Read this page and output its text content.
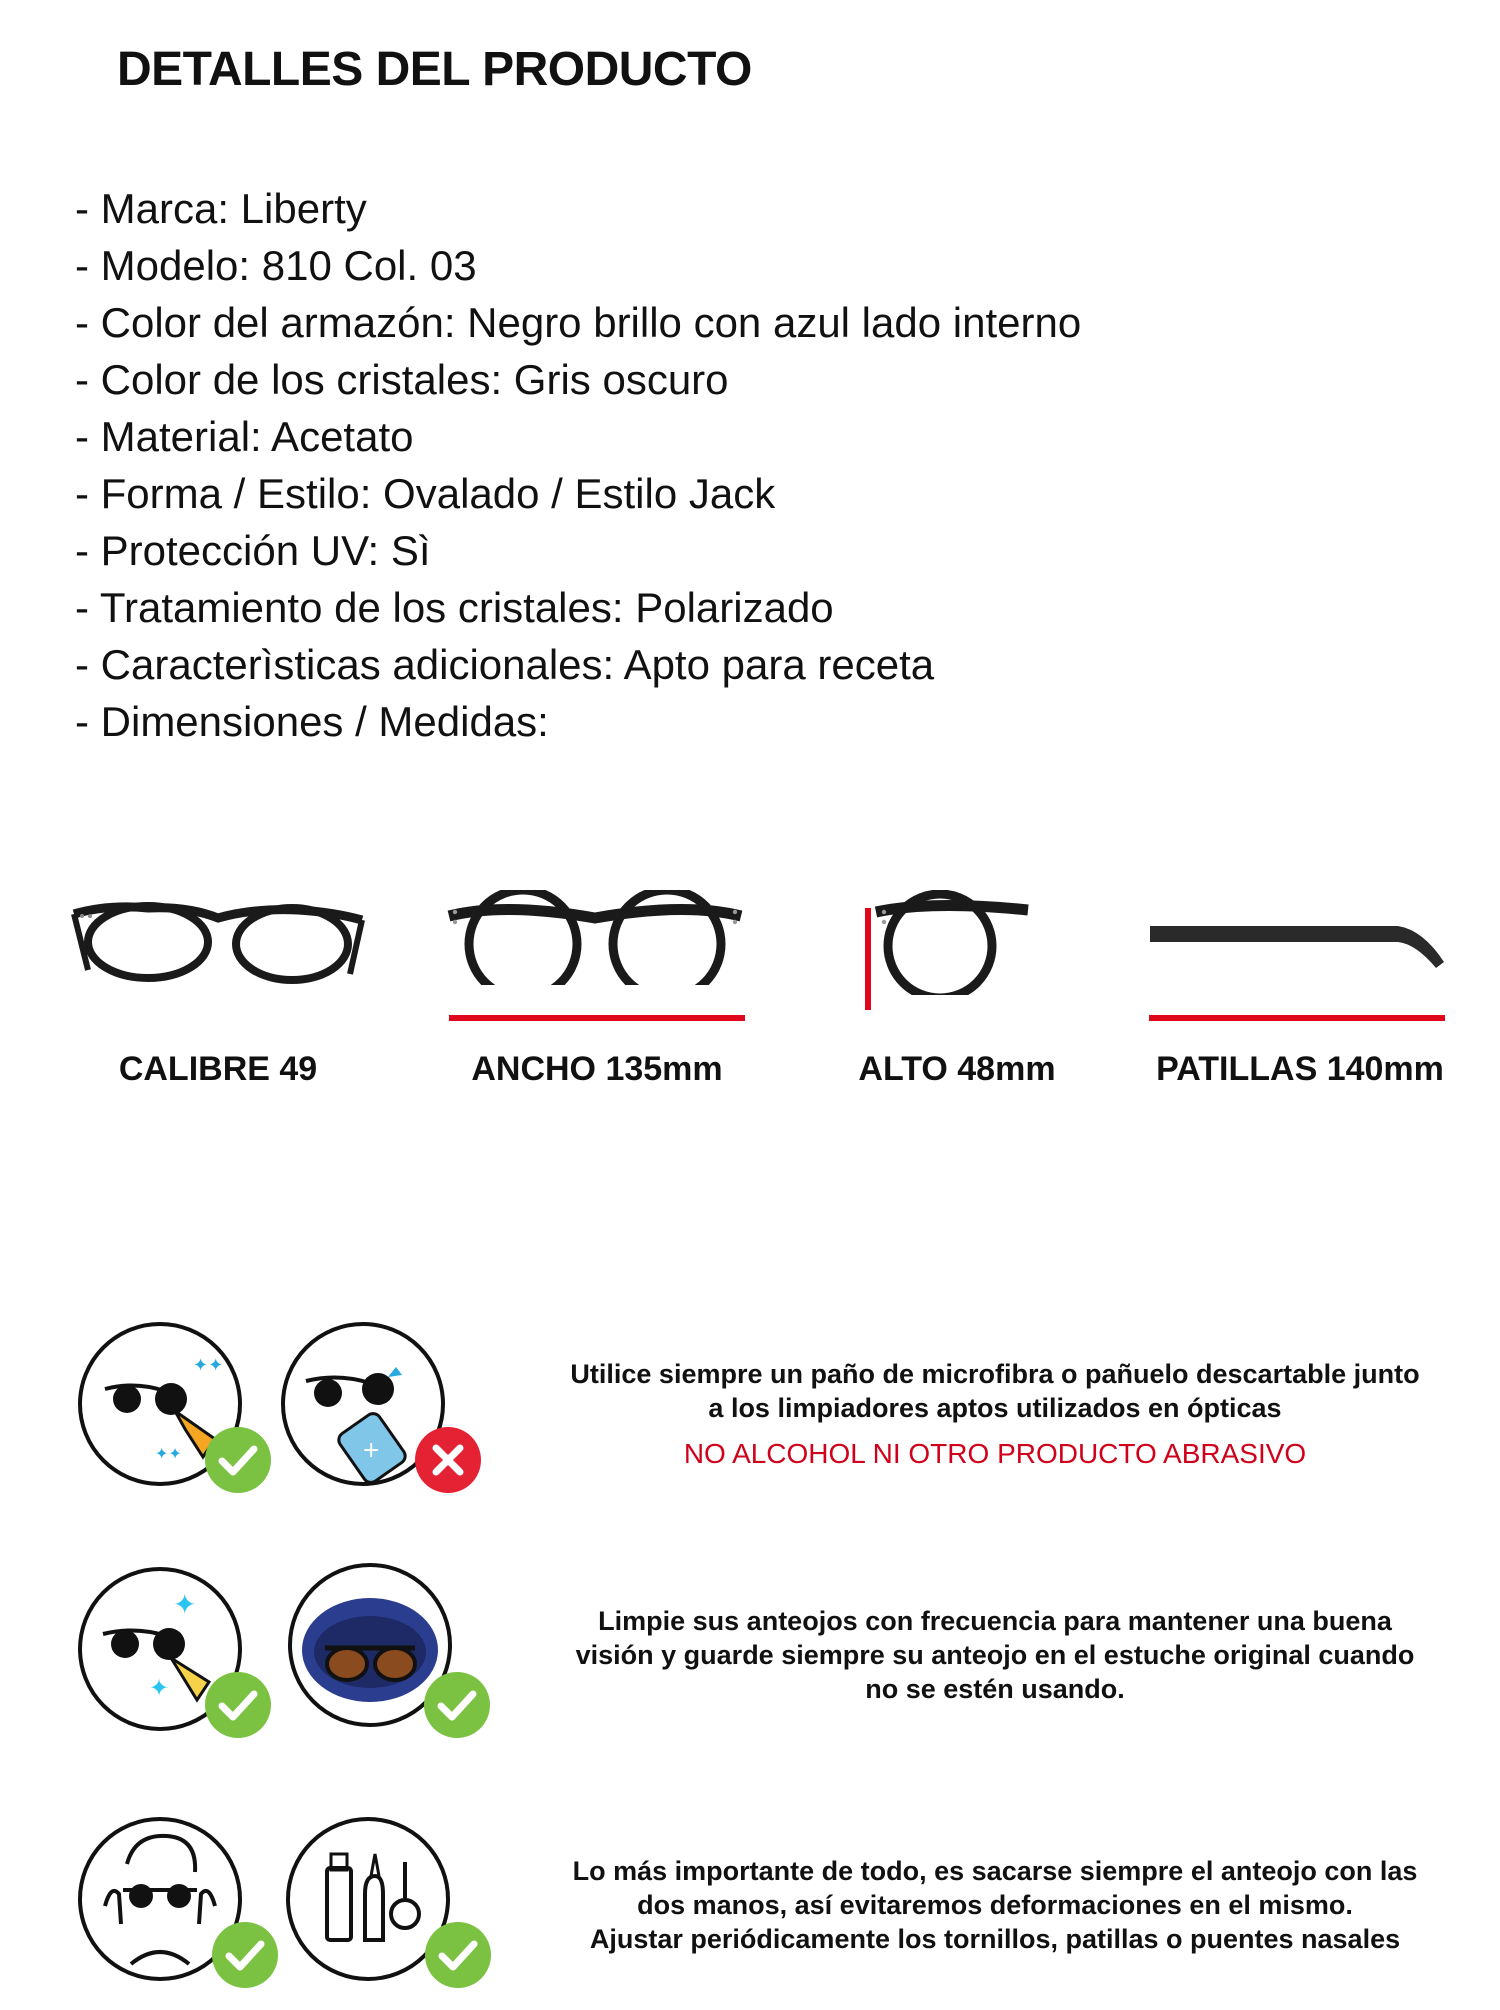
DETALLES DEL PRODUCTO
- Marca: Liberty
- Modelo: 810 Col. 03
- Color del armazón: Negro brillo con azul lado interno
- Color de los cristales: Gris oscuro
- Material: Acetato
- Forma / Estilo: Ovalado / Estilo Jack
- Protección UV: Sì
- Tratamiento de los cristales: Polarizado
- Caracterìsticas adicionales: Apto para receta
- Dimensiones / Medidas:
CALIBRE 49	ANCHO 135mm	ALTO 48mm	PATILLAS 140mm
✦✦
✦✦	+

Utilice siempre un paño de microfibra o pañuelo descartable junto

a los limpiadores aptos utilizados en ópticas

NO ALCOHOL NI OTRO PRODUCTO ABRASIVO

✦
✦

Limpie sus anteojos con frecuencia para mantener una buena

visión y guarde siempre su anteojo en el estuche original cuando

no se estén usando.

Lo más importante de todo, es sacarse siempre el anteojo con las

dos manos, así evitaremos deformaciones en el mismo.

Ajustar periódicamente los tornillos, patillas o puentes nasales
